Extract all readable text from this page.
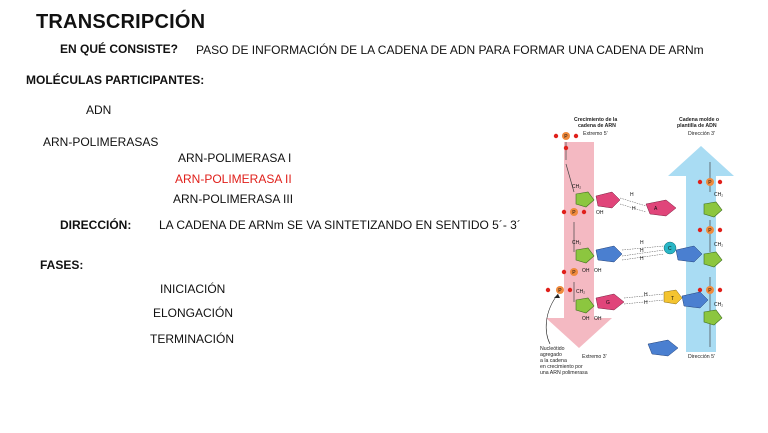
TRANSCRIPCIÓN
EN QUÉ CONSISTE? PASO DE INFORMACIÓN DE LA CADENA DE ADN PARA FORMAR UNA CADENA DE ARNm
MOLÉCULAS PARTICIPANTES:
ADN
ARN-POLIMERASAS
ARN-POLIMERASA I
ARN-POLIMERASA II
ARN-POLIMERASA III
DIRECCIÓN: LA CADENA DE ARNm SE VA SINTETIZANDO EN SENTIDO 5´- 3´
FASES:
INICIACIÓN
ELONGACIÓN
TERMINACIÓN
Crecimiento de la
cadena de ARN
Extremo 5'
Cadena molde o
plantilla de ADN
Dirección 3'
P
P
P
P
P
P
P
A
C
G
T
H
H
H
H
H
H
H
CH₂
CH₂
CH₂
CH₂
CH₂
CH₂
OH
OH OH
OH OH
Nucleótido
agregado
a la cadena
en crecimiento por
una ARN polimerasa
Extremo 3'	Dirección 5'
